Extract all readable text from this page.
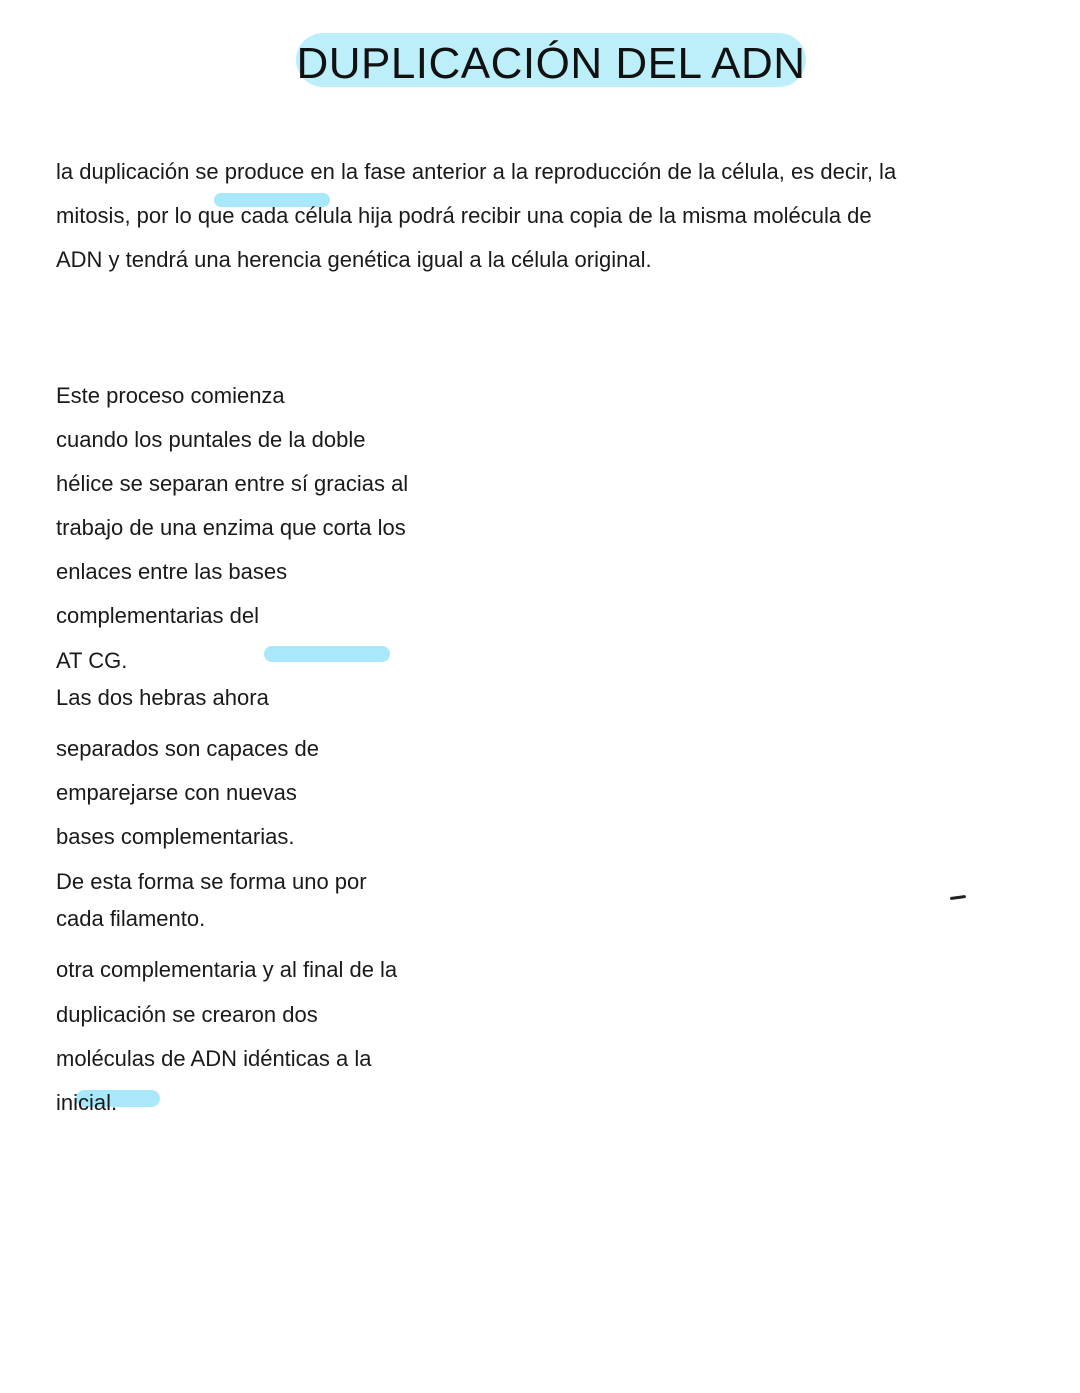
DUPLICACIÓN DEL ADN
la duplicación se produce en la fase anterior a la reproducción de la célula, es decir, la
mitosis, por lo que cada célula hija podrá recibir una copia de la misma molécula de
ADN y tendrá una herencia genética igual a la célula original.
Este proceso comienza
cuando los puntales de la doble
hélice se separan entre sí gracias al
trabajo de una enzima que corta los
enlaces entre las bases
complementarias del
AT CG.
Las dos hebras ahora
separados son capaces de
emparejarse con nuevas
bases complementarias.
De esta forma se forma uno por
cada filamento.
otra complementaria y al final de la
duplicación se crearon dos
moléculas de ADN idénticas a la
inicial.
